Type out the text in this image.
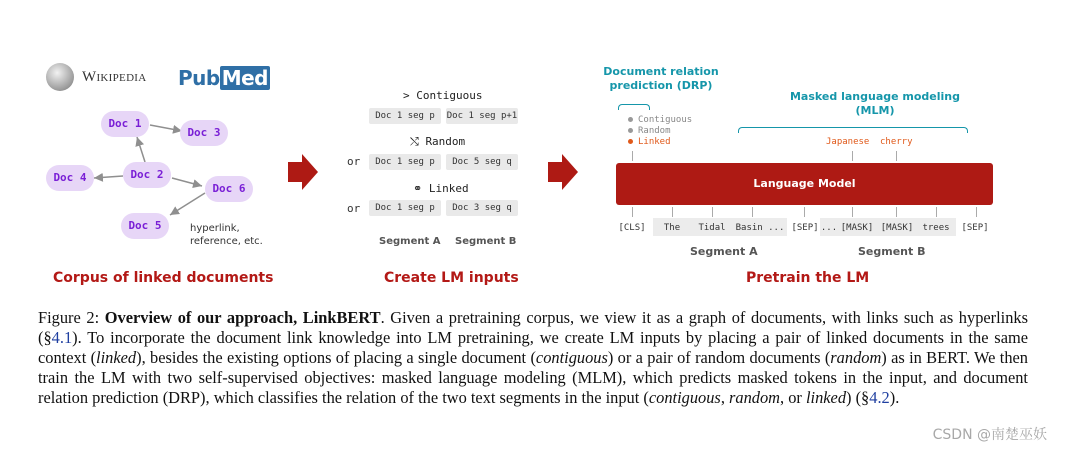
Wikipedia Pub Med
Doc 1
Doc 2
Doc 3
Doc 4
Doc 5
Doc 6
hyperlink,
reference, etc.
Corpus of linked documents
> Contiguous
Doc 1 seg p	Doc 1 seg p+1
⤭ Random
or	Doc 1 seg p	Doc 5 seg q
⚭ Linked
or	Doc 1 seg p	Doc 3 seg q
Segment A Segment B
Create LM inputs
Document relation
prediction (DRP)
Contiguous
Random
Linked
Masked language modeling
(MLM)
Japanese cherry
Language Model
[CLS]	The	Tidal	Basin ... [SEP] ... [MASK] [MASK]	trees	[SEP]
Segment A	Segment B
Pretrain the LM
Figure 2: Overview of our approach, LinkBERT. Given a pretraining corpus, we view it as a graph of documents, with links such as hyperlinks (§4.1). To incorporate the document link knowledge into LM pretraining, we create LM inputs by placing a pair of linked documents in the same context (linked), besides the existing options of placing a single document (contiguous) or a pair of random documents (random) as in BERT. We then train the LM with two self-supervised objectives: masked language modeling (MLM), which predicts masked tokens in the input, and document relation prediction (DRP), which classifies the relation of the two text segments in the input (contiguous, random, or linked) (§4.2).
CSDN @南楚巫妖
